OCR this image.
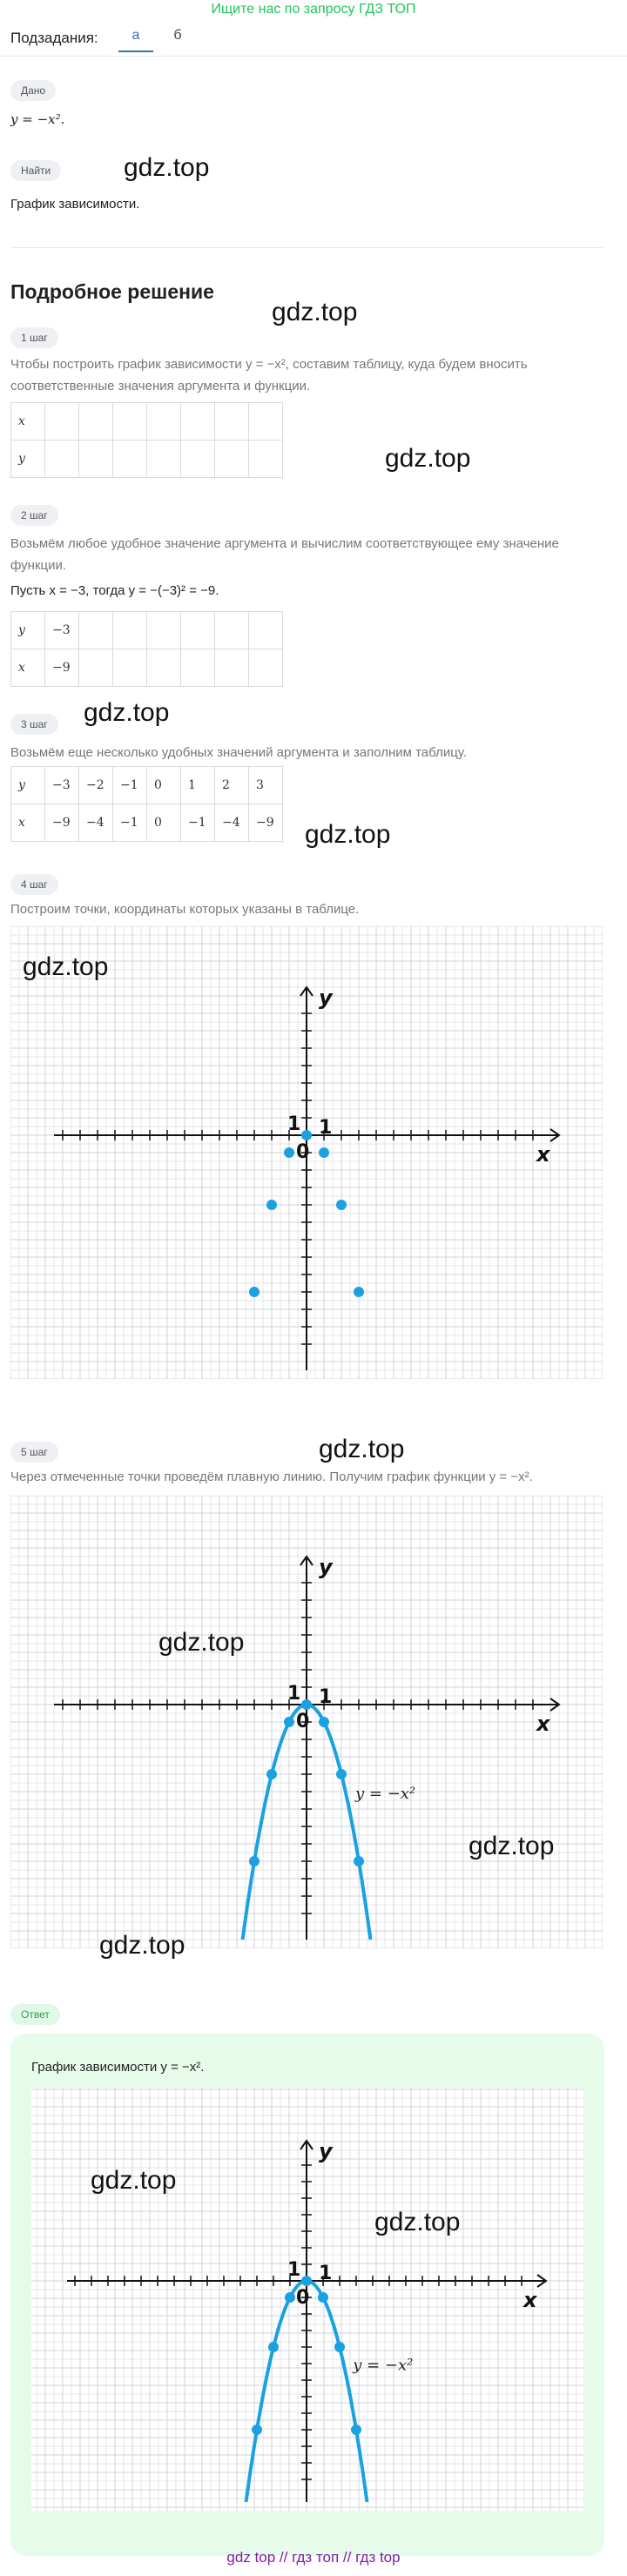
Ищите нас по запросу ГДЗ ТОП
Подзадания:	а	б
Дано
y = −x².
Найти	gdz.top
График зависимости.
Подробное решение
gdz.top
1 шаг
Чтобы построить график зависимости y = −x², составим таблицу, куда будем вносить соответственные значения аргумента и функции.
x							
y								gdz.top
2 шаг
Возьмём любое удобное значение аргумента и вычислим соответствующее ему значение функции.
Пусть x = −3, тогда y = −(−3)² = −9.
y	−3						
x	−9						
gdz.top
3 шаг
Возьмём еще несколько удобных значений аргумента и заполним таблицу.
y	−3	−2	−1	0	1	2	3
x	−9	−4	−1	0	−1	−4	−9 gdz.top
4 шаг
Построим точки, координаты которых указаны в таблице.
x
y
0
1 1
gdz.top
gdz.top
5 шаг
Через отмеченные точки проведём плавную линию. Получим график функции y = −x².
x
y
0
1 1
y = −x²
gdz.top
gdz.top
gdz.top
Ответ
График зависимости y = −x².
x
y
0
1 1
y = −x²
gdz.top
gdz.top
gdz top // гдз топ // гдз top
